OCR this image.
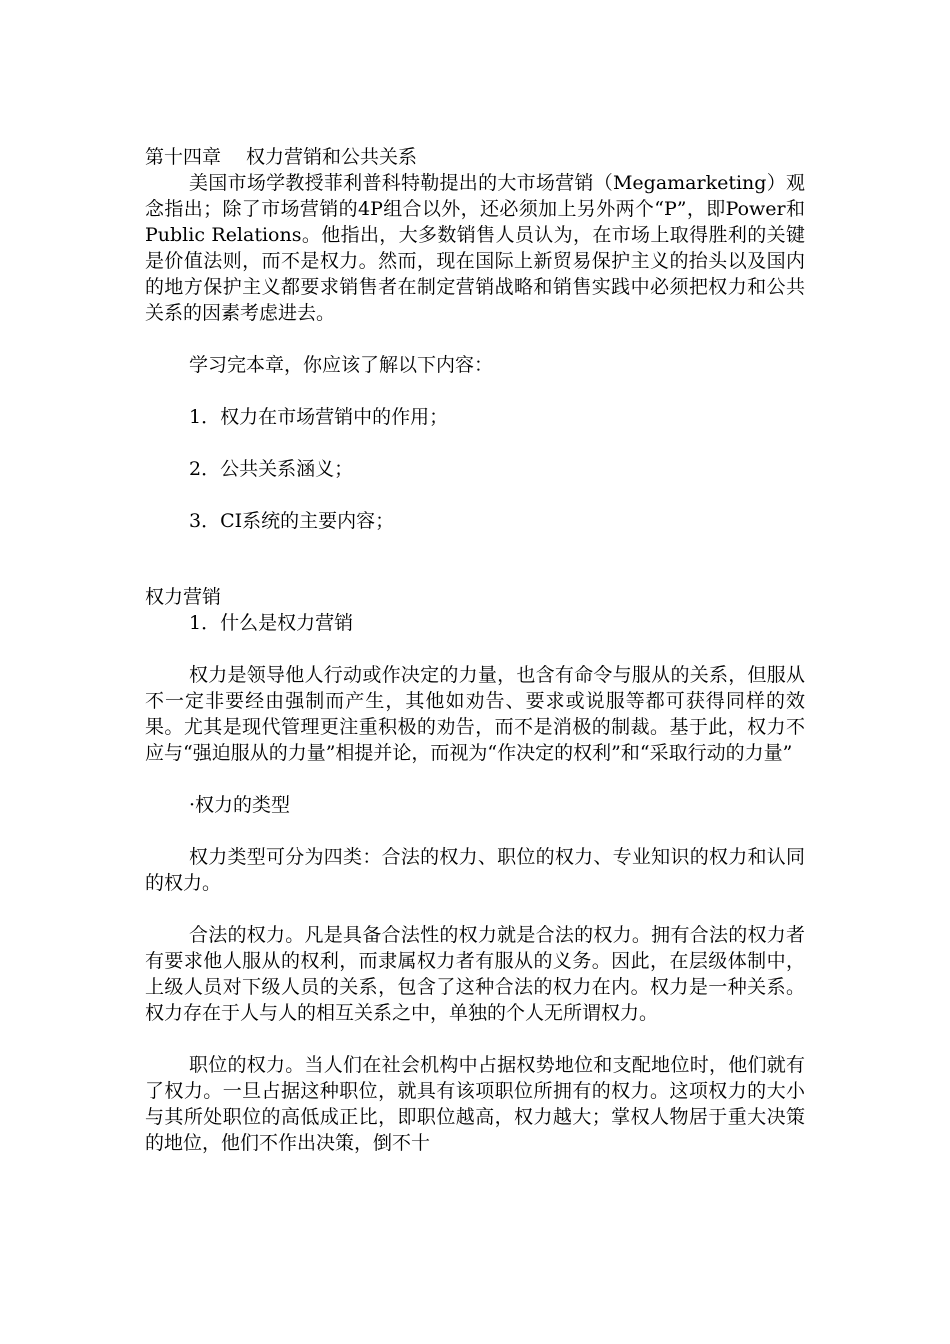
第十四章　 权力营销和公共关系

美国市场学教授菲利普科特勒提出的大市场营销（Megamarketing）观念指出；除了市场营销的4P组合以外，还必须加上另外两个“P”，即Power和Public Relations。他指出，大多数销售人员认为，在市场上取得胜利的关键是价值法则，而不是权力。然而，现在国际上新贸易保护主义的抬头以及国内的地方保护主义都要求销售者在制定营销战略和销售实践中必须把权力和公共关系的因素考虑进去。

学习完本章，你应该了解以下内容：

1．权力在市场营销中的作用；

2．公共关系涵义；

3．CI系统的主要内容；

权力营销

1．什么是权力营销

权力是领导他人行动或作决定的力量，也含有命令与服从的关系，但服从不一定非要经由强制而产生，其他如劝告、要求或说服等都可获得同样的效果。尤其是现代管理更注重积极的劝告，而不是消极的制裁。基于此，权力不应与“强迫服从的力量”相提并论，而视为“作决定的权利”和“采取行动的力量”

·权力的类型

权力类型可分为四类：合法的权力、职位的权力、专业知识的权力和认同的权力。

合法的权力。凡是具备合法性的权力就是合法的权力。拥有合法的权力者有要求他人服从的权利，而隶属权力者有服从的义务。因此，在层级体制中，上级人员对下级人员的关系，包含了这种合法的权力在内。权力是一种关系。权力存在于人与人的相互关系之中，单独的个人无所谓权力。

职位的权力。当人们在社会机构中占据权势地位和支配地位时，他们就有了权力。一旦占据这种职位，就具有该项职位所拥有的权力。这项权力的大小与其所处职位的高低成正比，即职位越高，权力越大；掌权人物居于重大决策的地位，他们不作出决策，倒不十
